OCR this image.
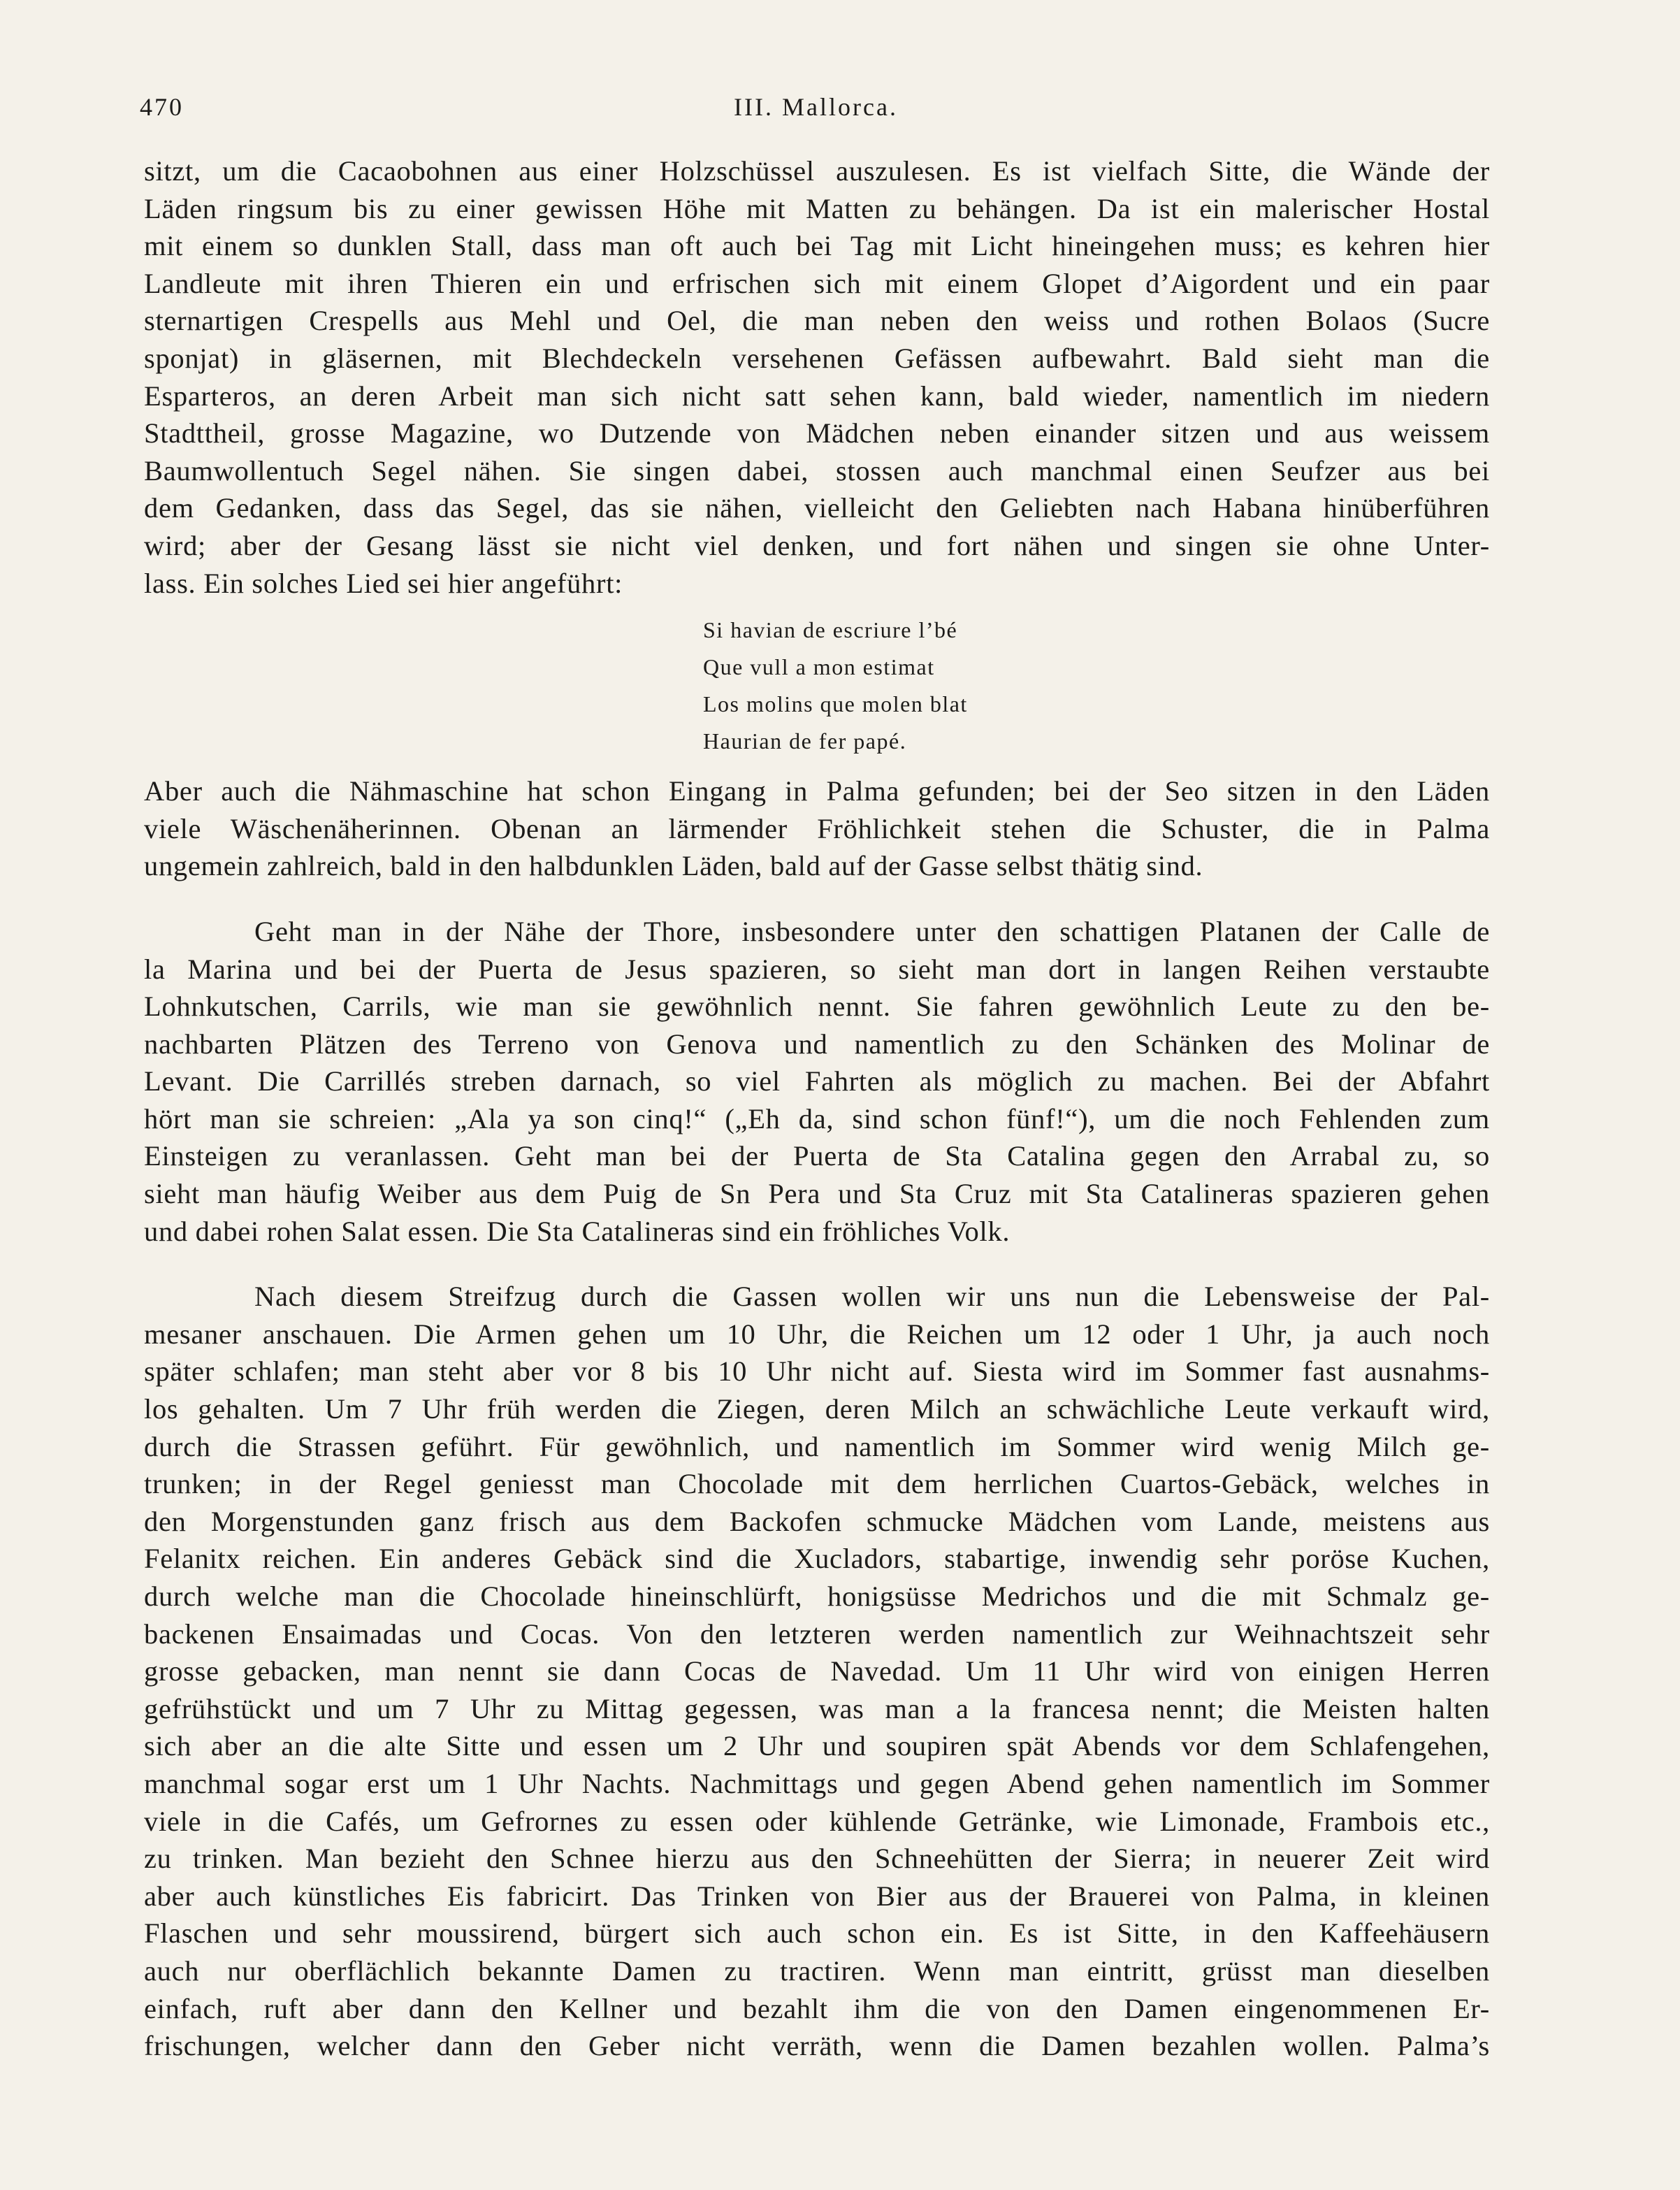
470	III. Mallorca.

sitzt, um die Cacaobohnen aus einer Holzschüssel auszulesen. Es ist vielfach Sitte, die Wände der
Läden ringsum bis zu einer gewissen Höhe mit Matten zu behängen. Da ist ein malerischer Hostal
mit einem so dunklen Stall, dass man oft auch bei Tag mit Licht hineingehen muss; es kehren hier
Landleute mit ihren Thieren ein und erfrischen sich mit einem Glopet d’Aigordent und ein paar
sternartigen Crespells aus Mehl und Oel, die man neben den weiss und rothen Bolaos (Sucre
sponjat) in gläsernen, mit Blechdeckeln versehenen Gefässen aufbewahrt. Bald sieht man die
Esparteros, an deren Arbeit man sich nicht satt sehen kann, bald wieder, namentlich im niedern
Stadttheil, grosse Magazine, wo Dutzende von Mädchen neben einander sitzen und aus weissem
Baumwollentuch Segel nähen. Sie singen dabei, stossen auch manchmal einen Seufzer aus bei
dem Gedanken, dass das Segel, das sie nähen, vielleicht den Geliebten nach Habana hinüberführen
wird; aber der Gesang lässt sie nicht viel denken, und fort nähen und singen sie ohne Unter-
lass. Ein solches Lied sei hier angeführt:

Si havian de escriure l’bé
Que vull a mon estimat
Los molins que molen blat
Haurian de fer papé.

Aber auch die Nähmaschine hat schon Eingang in Palma gefunden; bei der Seo sitzen in den Läden
viele Wäschenäherinnen. Obenan an lärmender Fröhlichkeit stehen die Schuster, die in Palma
ungemein zahlreich, bald in den halbdunklen Läden, bald auf der Gasse selbst thätig sind.

Geht man in der Nähe der Thore, insbesondere unter den schattigen Platanen der Calle de
la Marina und bei der Puerta de Jesus spazieren, so sieht man dort in langen Reihen verstaubte
Lohnkutschen, Carrils, wie man sie gewöhnlich nennt. Sie fahren gewöhnlich Leute zu den be-
nachbarten Plätzen des Terreno von Genova und namentlich zu den Schänken des Molinar de
Levant. Die Carrillés streben darnach, so viel Fahrten als möglich zu machen. Bei der Abfahrt
hört man sie schreien: „Ala ya son cinq!“ („Eh da, sind schon fünf!“), um die noch Fehlenden zum
Einsteigen zu veranlassen. Geht man bei der Puerta de Sta Catalina gegen den Arrabal zu, so
sieht man häufig Weiber aus dem Puig de Sn Pera und Sta Cruz mit Sta Catalineras spazieren gehen
und dabei rohen Salat essen. Die Sta Catalineras sind ein fröhliches Volk.

Nach diesem Streifzug durch die Gassen wollen wir uns nun die Lebensweise der Pal-
mesaner anschauen. Die Armen gehen um 10 Uhr, die Reichen um 12 oder 1 Uhr, ja auch noch
später schlafen; man steht aber vor 8 bis 10 Uhr nicht auf. Siesta wird im Sommer fast ausnahms-
los gehalten. Um 7 Uhr früh werden die Ziegen, deren Milch an schwächliche Leute verkauft wird,
durch die Strassen geführt. Für gewöhnlich, und namentlich im Sommer wird wenig Milch ge-
trunken; in der Regel geniesst man Chocolade mit dem herrlichen Cuartos-Gebäck, welches in
den Morgenstunden ganz frisch aus dem Backofen schmucke Mädchen vom Lande, meistens aus
Felanitx reichen. Ein anderes Gebäck sind die Xucladors, stabartige, inwendig sehr poröse Kuchen,
durch welche man die Chocolade hineinschlürft, honigsüsse Medrichos und die mit Schmalz ge-
backenen Ensaimadas und Cocas. Von den letzteren werden namentlich zur Weihnachtszeit sehr
grosse gebacken, man nennt sie dann Cocas de Navedad. Um 11 Uhr wird von einigen Herren
gefrühstückt und um 7 Uhr zu Mittag gegessen, was man a la francesa nennt; die Meisten halten
sich aber an die alte Sitte und essen um 2 Uhr und soupiren spät Abends vor dem Schlafengehen,
manchmal sogar erst um 1 Uhr Nachts. Nachmittags und gegen Abend gehen namentlich im Sommer
viele in die Cafés, um Gefrornes zu essen oder kühlende Getränke, wie Limonade, Frambois etc.,
zu trinken. Man bezieht den Schnee hierzu aus den Schneehütten der Sierra; in neuerer Zeit wird
aber auch künstliches Eis fabricirt. Das Trinken von Bier aus der Brauerei von Palma, in kleinen
Flaschen und sehr moussirend, bürgert sich auch schon ein. Es ist Sitte, in den Kaffeehäusern
auch nur oberflächlich bekannte Damen zu tractiren. Wenn man eintritt, grüsst man dieselben
einfach, ruft aber dann den Kellner und bezahlt ihm die von den Damen eingenommenen Er-
frischungen, welcher dann den Geber nicht verräth, wenn die Damen bezahlen wollen. Palma’s
